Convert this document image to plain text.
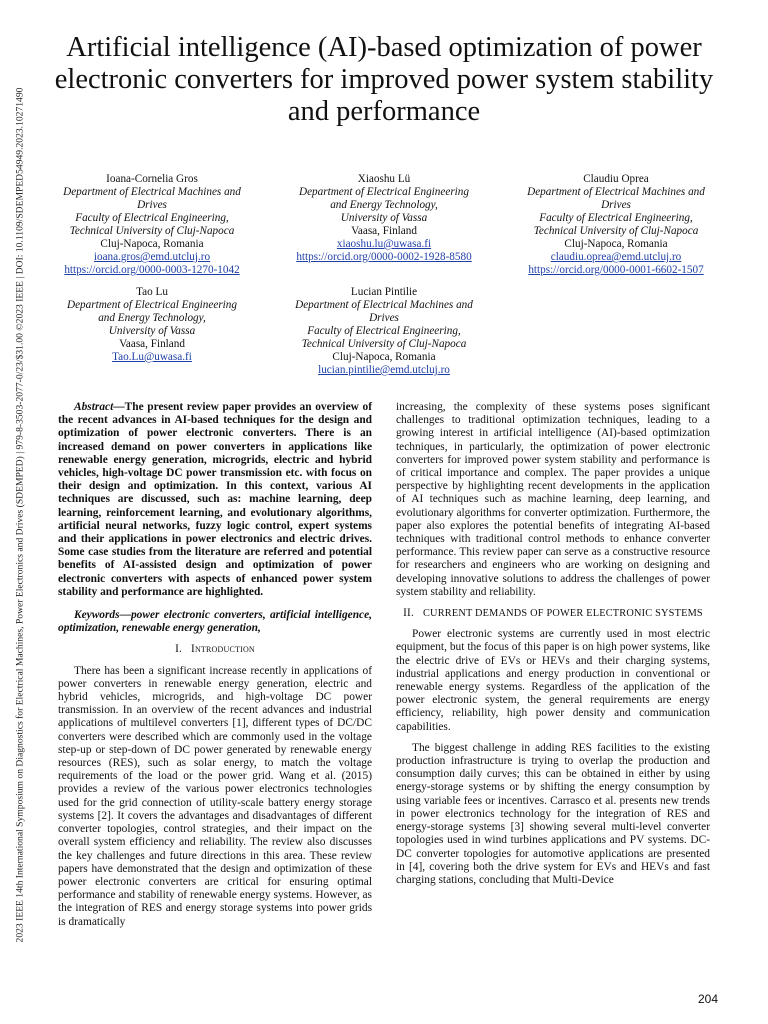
2023 IEEE 14th International Symposium on Diagnostics for Electrical Machines, Power Electronics and Drives (SDEMPED) | 979-8-3503-2077-0/23/$31.00 ©2023 IEEE | DOI: 10.1109/SDEMPED54949.2023.10271490
Artificial intelligence (AI)-based optimization of power electronic converters for improved power system stability and performance
Ioana-Cornelia Gros
Department of Electrical Machines and Drives
Faculty of Electrical Engineering,
Technical University of Cluj-Napoca
Cluj-Napoca, Romania
ioana.gros@emd.utcluj.ro
https://orcid.org/0000-0003-1270-1042
Xiaoshu Lü
Department of Electrical Engineering
and Energy Technology,
University of Vassa
Vaasa, Finland
xiaoshu.lu@uwasa.fi
https://orcid.org/0000-0002-1928-8580
Claudiu Oprea
Department of Electrical Machines and Drives
Faculty of Electrical Engineering,
Technical University of Cluj-Napoca
Cluj-Napoca, Romania
claudiu.oprea@emd.utcluj.ro
https://orcid.org/0000-0001-6602-1507
Tao Lu
Department of Electrical Engineering
and Energy Technology,
University of Vassa
Vaasa, Finland
Tao.Lu@uwasa.fi
Lucian Pintilie
Department of Electrical Machines and Drives
Faculty of Electrical Engineering,
Technical University of Cluj-Napoca
Cluj-Napoca, Romania
lucian.pintilie@emd.utcluj.ro

Abstract—The present review paper provides an overview of the recent advances in AI-based techniques for the design and optimization of power electronic converters. There is an increased demand on power converters in applications like renewable energy generation, microgrids, electric and hybrid vehicles, high-voltage DC power transmission etc. with focus on their design and optimization. In this context, various AI techniques are discussed, such as: machine learning, deep learning, reinforcement learning, and evolutionary algorithms, artificial neural networks, fuzzy logic control, expert systems and their applications in power electronics and electric drives. Some case studies from the literature are referred and potential benefits of AI-assisted design and optimization of power electronic converters with aspects of enhanced power system stability and performance are highlighted.

Keywords—power electronic converters, artificial intelligence, optimization, renewable energy generation,

I. Introduction

There has been a significant increase recently in applications of power converters in renewable energy generation, electric and hybrid vehicles, microgrids, and high-voltage DC power transmission. In an overview of the recent advances and industrial applications of multilevel converters [1], different types of DC/DC converters were described which are commonly used in the voltage step-up or step-down of DC power generated by renewable energy resources (RES), such as solar energy, to match the voltage requirements of the load or the power grid. Wang et al. (2015) provides a review of the various power electronics technologies used for the grid connection of utility-scale battery energy storage systems [2]. It covers the advantages and disadvantages of different converter topologies, control strategies, and their impact on the overall system efficiency and reliability. The review also discusses the key challenges and future directions in this area. These review papers have demonstrated that the design and optimization of these power electronic converters are critical for ensuring optimal performance and stability of renewable energy systems. However, as the integration of RES and energy storage systems into power grids is dramatically

increasing, the complexity of these systems poses significant challenges to traditional optimization techniques, leading to a growing interest in artificial intelligence (AI)-based optimization techniques, in particularly, the optimization of power electronic converters for improved power system stability and performance is of critical importance and complex. The paper provides a unique perspective by highlighting recent developments in the application of AI techniques such as machine learning, deep learning, and evolutionary algorithms for converter optimization. Furthermore, the paper also explores the potential benefits of integrating AI-based techniques with traditional control methods to enhance converter performance. This review paper can serve as a constructive resource for researchers and engineers who are working on designing and developing innovative solutions to address the challenges of power system stability and reliability.

II. CURRENT DEMANDS OF POWER ELECTRONIC SYSTEMS

Power electronic systems are currently used in most electric equipment, but the focus of this paper is on high power systems, like the electric drive of EVs or HEVs and their charging systems, industrial applications and energy production in conventional or renewable energy systems. Regardless of the application of the power electronic system, the general requirements are energy efficiency, reliability, high power density and communication capabilities.

The biggest challenge in adding RES facilities to the existing production infrastructure is trying to overlap the production and consumption daily curves; this can be obtained in either by using energy-storage systems or by shifting the energy consumption by using variable fees or incentives. Carrasco et al. presents new trends in power electronics technology for the integration of RES and energy-storage systems [3] showing several multi-level converter topologies used in wind turbines applications and PV systems. DC-DC converter topologies for automotive applications are presented in [4], covering both the drive system for EVs and HEVs and fast charging stations, concluding that Multi-Device

204
